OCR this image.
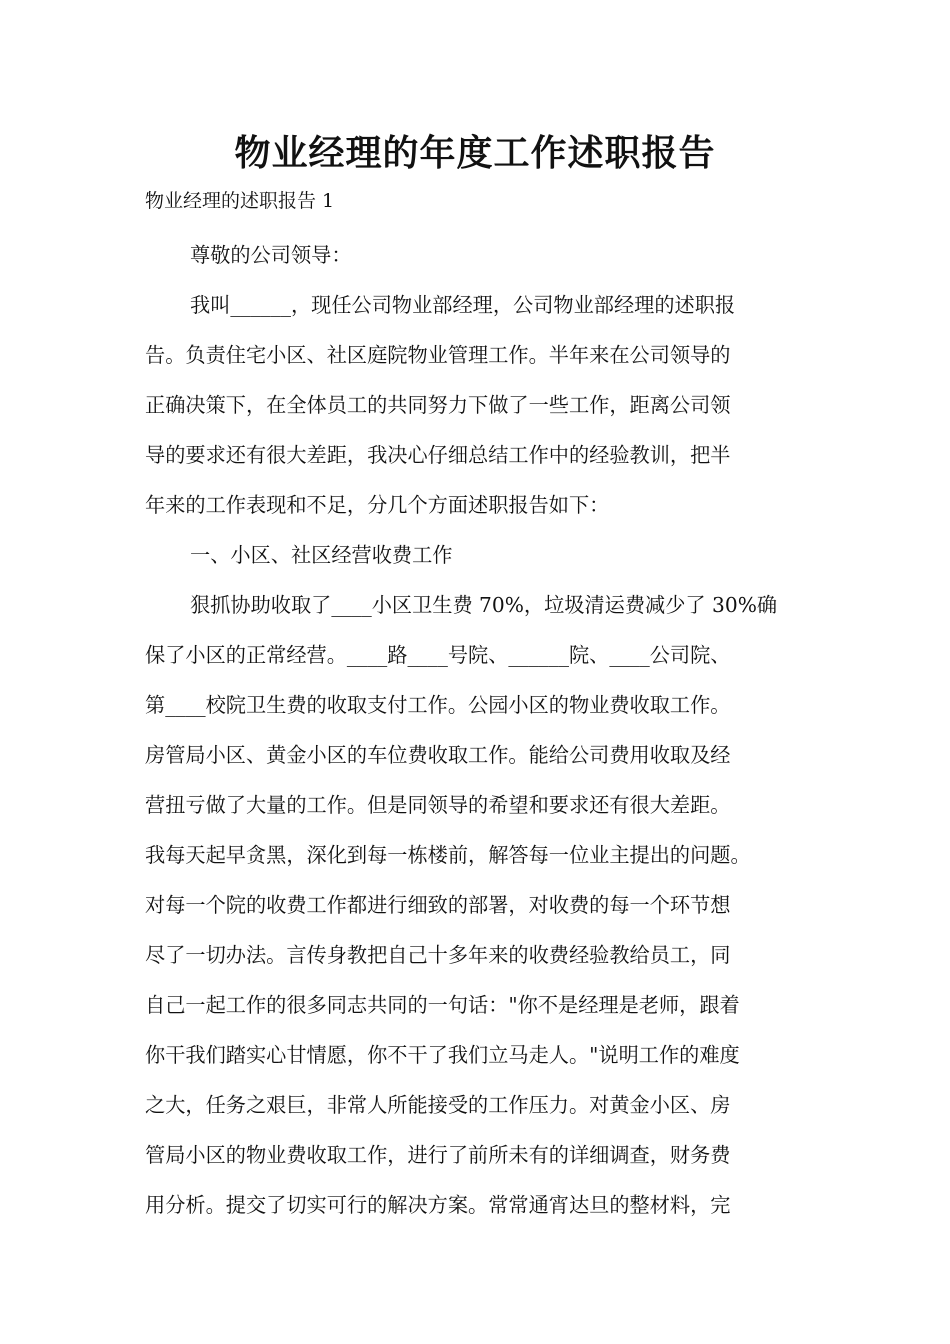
物业经理的年度工作述职报告
物业经理的述职报告 1
尊敬的公司领导：
我叫______，现任公司物业部经理，公司物业部经理的述职报
告。负责住宅小区、社区庭院物业管理工作。半年来在公司领导的
正确决策下，在全体员工的共同努力下做了一些工作，距离公司领
导的要求还有很大差距，我决心仔细总结工作中的经验教训，把半
年来的工作表现和不足，分几个方面述职报告如下：
一、小区、社区经营收费工作
狠抓协助收取了____小区卫生费 70%，垃圾清运费减少了 30%确
保了小区的正常经营。____路____号院、______院、____公司院、
第____校院卫生费的收取支付工作。公园小区的物业费收取工作。
房管局小区、黄金小区的车位费收取工作。能给公司费用收取及经
营扭亏做了大量的工作。但是同领导的希望和要求还有很大差距。
我每天起早贪黑，深化到每一栋楼前，解答每一位业主提出的问题。
对每一个院的收费工作都进行细致的部署，对收费的每一个环节想
尽了一切办法。言传身教把自己十多年来的收费经验教给员工，同
自己一起工作的很多同志共同的一句话："你不是经理是老师，跟着
你干我们踏实心甘情愿，你不干了我们立马走人。"说明工作的难度
之大，任务之艰巨，非常人所能接受的工作压力。对黄金小区、房
管局小区的物业费收取工作，进行了前所未有的详细调查，财务费
用分析。提交了切实可行的解决方案。常常通宵达旦的整材料，完
